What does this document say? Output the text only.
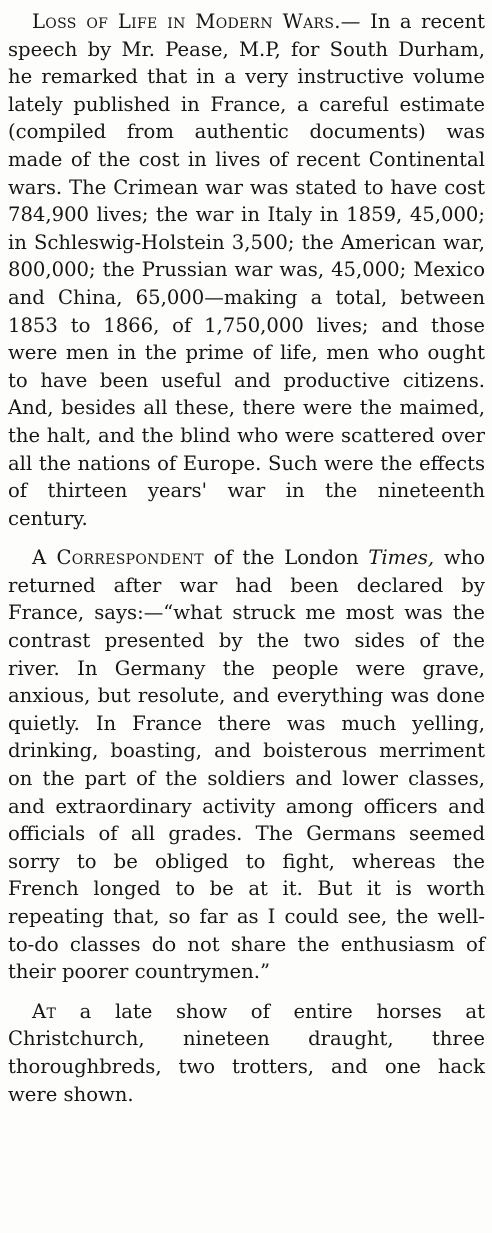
Loss of Life in Modern Wars.— In a recent speech by Mr. Pease, M.P, for South Durham, he remarked that in a very instructive volume lately published in France, a careful estimate (compiled from authentic documents) was made of the cost in lives of recent Continental wars. The Crimean war was stated to have cost 784,900 lives; the war in Italy in 1859, 45,000; in Schleswig-Holstein 3,500; the American war, 800,000; the Prussian war was, 45,000; Mexico and China, 65,000—making a total, between 1853 to 1866, of 1,750,000 lives; and those were men in the prime of life, men who ought to have been useful and productive citizens. And, besides all these, there were the maimed, the halt, and the blind who were scattered over all the nations of Europe. Such were the effects of thirteen years' war in the nineteenth century.

A Correspondent of the London Times, who returned after war had been declared by France, says:—“what struck me most was the contrast presented by the two sides of the river. In Germany the people were grave, anxious, but resolute, and everything was done quietly. In France there was much yelling, drinking, boasting, and boisterous merriment on the part of the soldiers and lower classes, and extraordinary activity among officers and officials of all grades. The Germans seemed sorry to be obliged to fight, whereas the French longed to be at it. But it is worth repeating that, so far as I could see, the well-to-do classes do not share the enthusiasm of their poorer countrymen.”

At a late show of entire horses at Christchurch, nineteen draught, three thoroughbreds, two trotters, and one hack were shown.
